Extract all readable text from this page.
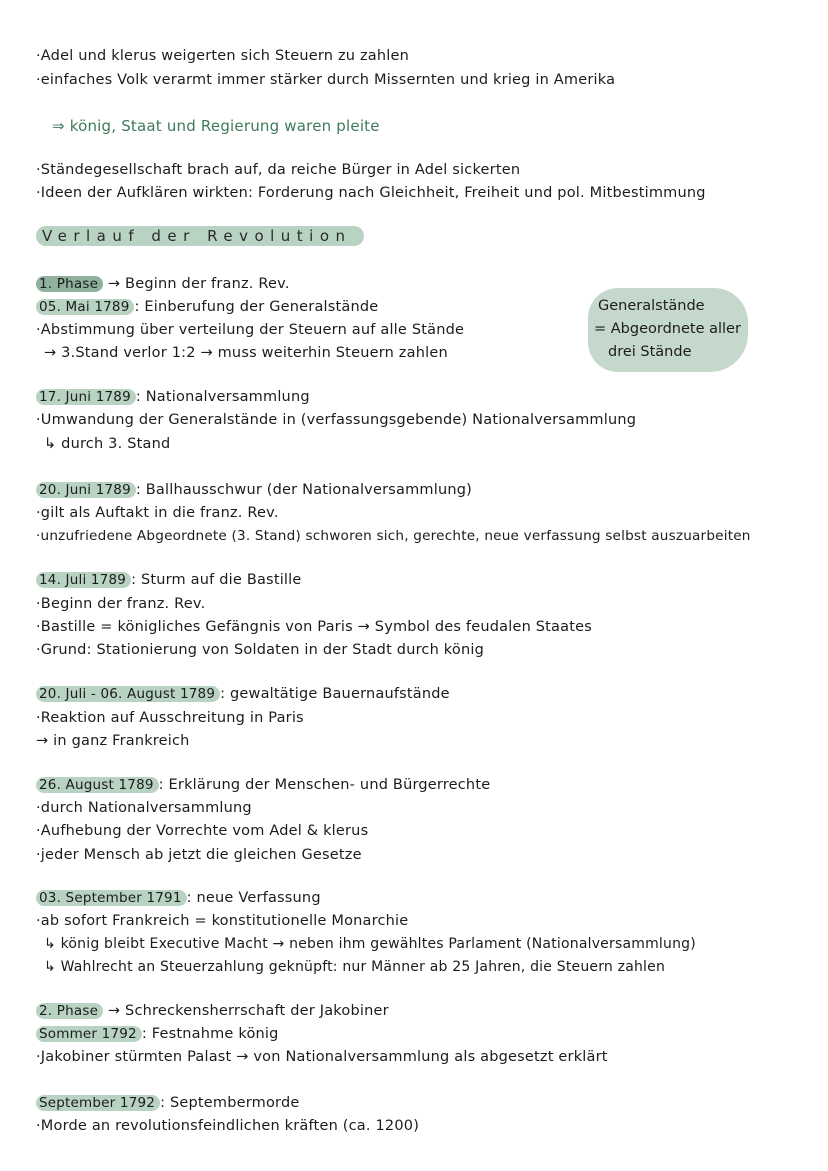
·Adel und klerus weigerten sich Steuern zu zahlen
·einfaches Volk verarmt immer stärker durch Missernten und krieg in Amerika
⇒ könig, Staat und Regierung waren pleite
·Ständegesellschaft brach auf, da reiche Bürger in Adel sickerten
·Ideen der Aufklären wirkten: Forderung nach Gleichheit, Freiheit und pol. Mitbestimmung
Verlauf der Revolution
1. Phase → Beginn der franz. Rev.
05. Mai 1789 : Einberufung der Generalstände
·Abstimmung über verteilung der Steuern auf alle Stände
→ 3.Stand verlor 1:2 → muss weiterhin Steuern zahlen
Generalstände
= Abgeordnete aller
drei Stände
17. Juni 1789 : Nationalversammlung
·Umwandung der Generalstände in (verfassungsgebende) Nationalversammlung
↳ durch 3. Stand
20. Juni 1789 : Ballhausschwur (der Nationalversammlung)
·gilt als Auftakt in die franz. Rev.
·unzufriedene Abgeordnete (3. Stand) schworen sich, gerechte, neue verfassung selbst auszuarbeiten
14. Juli 1789 : Sturm auf die Bastille
·Beginn der franz. Rev.
·Bastille = königliches Gefängnis von Paris → Symbol des feudalen Staates
·Grund: Stationierung von Soldaten in der Stadt durch könig
20. Juli - 06. August 1789 : gewaltätige Bauernaufstände
·Reaktion auf Ausschreitung in Paris
→ in ganz Frankreich
26. August 1789 : Erklärung der Menschen- und Bürgerrechte
·durch Nationalversammlung
·Aufhebung der Vorrechte vom Adel & klerus
·jeder Mensch ab jetzt die gleichen Gesetze
03. September 1791 : neue Verfassung
·ab sofort Frankreich = konstitutionelle Monarchie
↳ könig bleibt Executive Macht → neben ihm gewähltes Parlament (Nationalversammlung)
↳ Wahlrecht an Steuerzahlung geknüpft: nur Männer ab 25 Jahren, die Steuern zahlen
2. Phase → Schreckensherrschaft der Jakobiner
Sommer 1792 : Festnahme könig
·Jakobiner stürmten Palast → von Nationalversammlung als abgesetzt erklärt
September 1792 : Septembermorde
·Morde an revolutionsfeindlichen kräften (ca. 1200)
